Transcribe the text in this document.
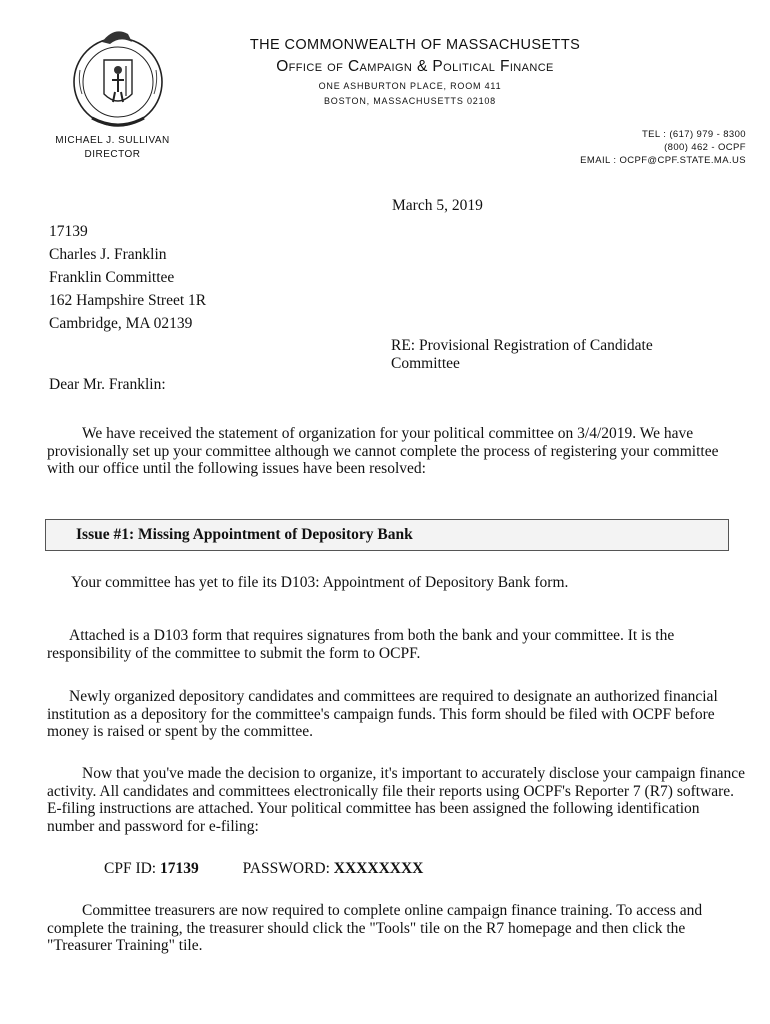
THE COMMONWEALTH OF MASSACHUSETTS
Office of Campaign & Political Finance
ONE ASHBURTON PLACE, ROOM 411
BOSTON, MASSACHUSETTS 02108
MICHAEL J. SULLIVAN
DIRECTOR
TEL : (617) 979 - 8300
(800) 462 - OCPF
EMAIL : OCPF@CPF.STATE.MA.US
March 5, 2019
17139
Charles J. Franklin
Franklin Committee
162 Hampshire Street 1R
Cambridge, MA 02139
RE: Provisional Registration of Candidate
Committee
Dear Mr. Franklin:
We have received the statement of organization for your political committee on 3/4/2019. We have provisionally set up your committee although we cannot complete the process of registering your committee with our office until the following issues have been resolved:
Issue #1: Missing Appointment of Depository Bank
Your committee has yet to file its D103: Appointment of Depository Bank form.
Attached is a D103 form that requires signatures from both the bank and your committee. It is the responsibility of the committee to submit the form to OCPF.
Newly organized depository candidates and committees are required to designate an authorized financial institution as a depository for the committee's campaign funds. This form should be filed with OCPF before money is raised or spent by the committee.
Now that you've made the decision to organize, it's important to accurately disclose your campaign finance activity. All candidates and committees electronically file their reports using OCPF's Reporter 7 (R7) software. E-filing instructions are attached. Your political committee has been assigned the following identification number and password for e-filing:
CPF ID: 17139	PASSWORD: XXXXXXXX
Committee treasurers are now required to complete online campaign finance training. To access and complete the training, the treasurer should click the "Tools" tile on the R7 homepage and then click the "Treasurer Training" tile.
